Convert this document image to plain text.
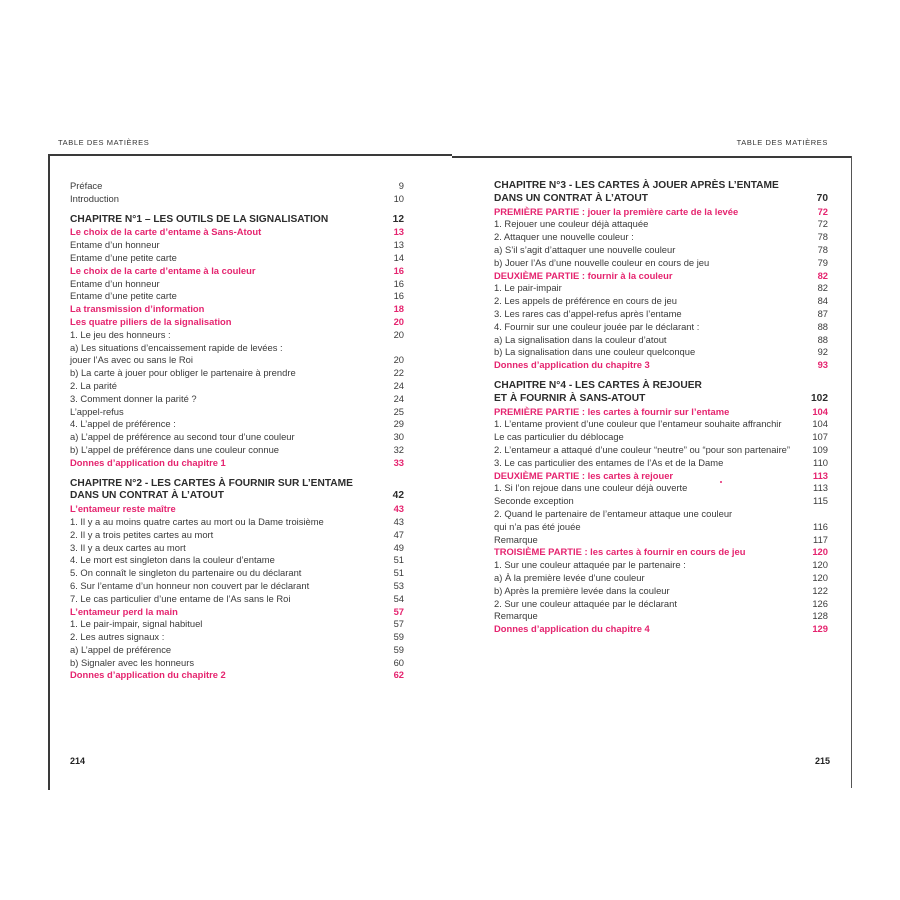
TABLE DES MATIÈRES
Préface	9
Introduction	10
CHAPITRE N°1 – LES OUTILS DE LA SIGNALISATION	12
Le choix de la carte d’entame à Sans-Atout	13
Entame d’un honneur	13
Entame d’une petite carte	14
Le choix de la carte d’entame à la couleur	16
Entame d’un honneur	16
Entame d’une petite carte	16
La transmission d’information	18
Les quatre piliers de la signalisation	20
1. Le jeu des honneurs :	20
a) Les situations d’encaissement rapide de levées :
jouer l’As avec ou sans le Roi	20
b) La carte à jouer pour obliger le partenaire à prendre	22
2. La parité	24
3. Comment donner la parité ?	24
L’appel-refus	25
4. L’appel de préférence :	29
a) L’appel de préférence au second tour d’une couleur	30
b) L’appel de préférence dans une couleur connue	32
Donnes d’application du chapitre 1	33
CHAPITRE N°2 - LES CARTES À FOURNIR SUR L’ENTAME
DANS UN CONTRAT À L’ATOUT	42
L’entameur reste maître	43
1. Il y a au moins quatre cartes au mort ou la Dame troisième	43
2. Il y a trois petites cartes au mort	47
3. Il y a deux cartes au mort	49
4. Le mort est singleton dans la couleur d’entame	51
5. On connaît le singleton du partenaire ou du déclarant	51
6. Sur l’entame d’un honneur non couvert par le déclarant	53
7. Le cas particulier d’une entame de l’As sans le Roi	54
L’entameur perd la main	57
1. Le pair-impair, signal habituel	57
2. Les autres signaux :	59
a) L’appel de préférence	59
b) Signaler avec les honneurs	60
Donnes d’application du chapitre 2	62
214
TABLE DES MATIÈRES
CHAPITRE N°3 - LES CARTES À JOUER APRÈS L’ENTAME
DANS UN CONTRAT À L’ATOUT	70
PREMIÈRE PARTIE : jouer la première carte de la levée	72
1. Rejouer une couleur déjà attaquée	72
2. Attaquer une nouvelle couleur :	78
a) S’il s’agit d’attaquer une nouvelle couleur	78
b) Jouer l’As d’une nouvelle couleur en cours de jeu	79
DEUXIÈME PARTIE : fournir à la couleur	82
1. Le pair-impair	82
2. Les appels de préférence en cours de jeu	84
3. Les rares cas d’appel-refus après l’entame	87
4. Fournir sur une couleur jouée par le déclarant :	88
a) La signalisation dans la couleur d’atout	88
b) La signalisation dans une couleur quelconque	92
Donnes d’application du chapitre 3	93
CHAPITRE N°4 - LES CARTES À REJOUER
ET À FOURNIR À SANS-ATOUT	102
PREMIÈRE PARTIE : les cartes à fournir sur l’entame	104
1. L’entame provient d’une couleur que l’entameur souhaite affranchir	104
Le cas particulier du déblocage	107
2. L’entameur a attaqué d’une couleur “neutre” ou “pour son partenaire”	109
3. Le cas particulier des entames de l’As et de la Dame	110
DEUXIÈME PARTIE : les cartes à rejouer	113
1. Si l’on rejoue dans une couleur déjà ouverte	113
Seconde exception	115
2. Quand le partenaire de l’entameur attaque une couleur
qui n’a pas été jouée	116
Remarque	117
TROISIÈME PARTIE : les cartes à fournir en cours de jeu	120
1. Sur une couleur attaquée par le partenaire :	120
a) À la première levée d’une couleur	120
b) Après la première levée dans la couleur	122
2. Sur une couleur attaquée par le déclarant	126
Remarque	128
Donnes d’application du chapitre 4	129
215
